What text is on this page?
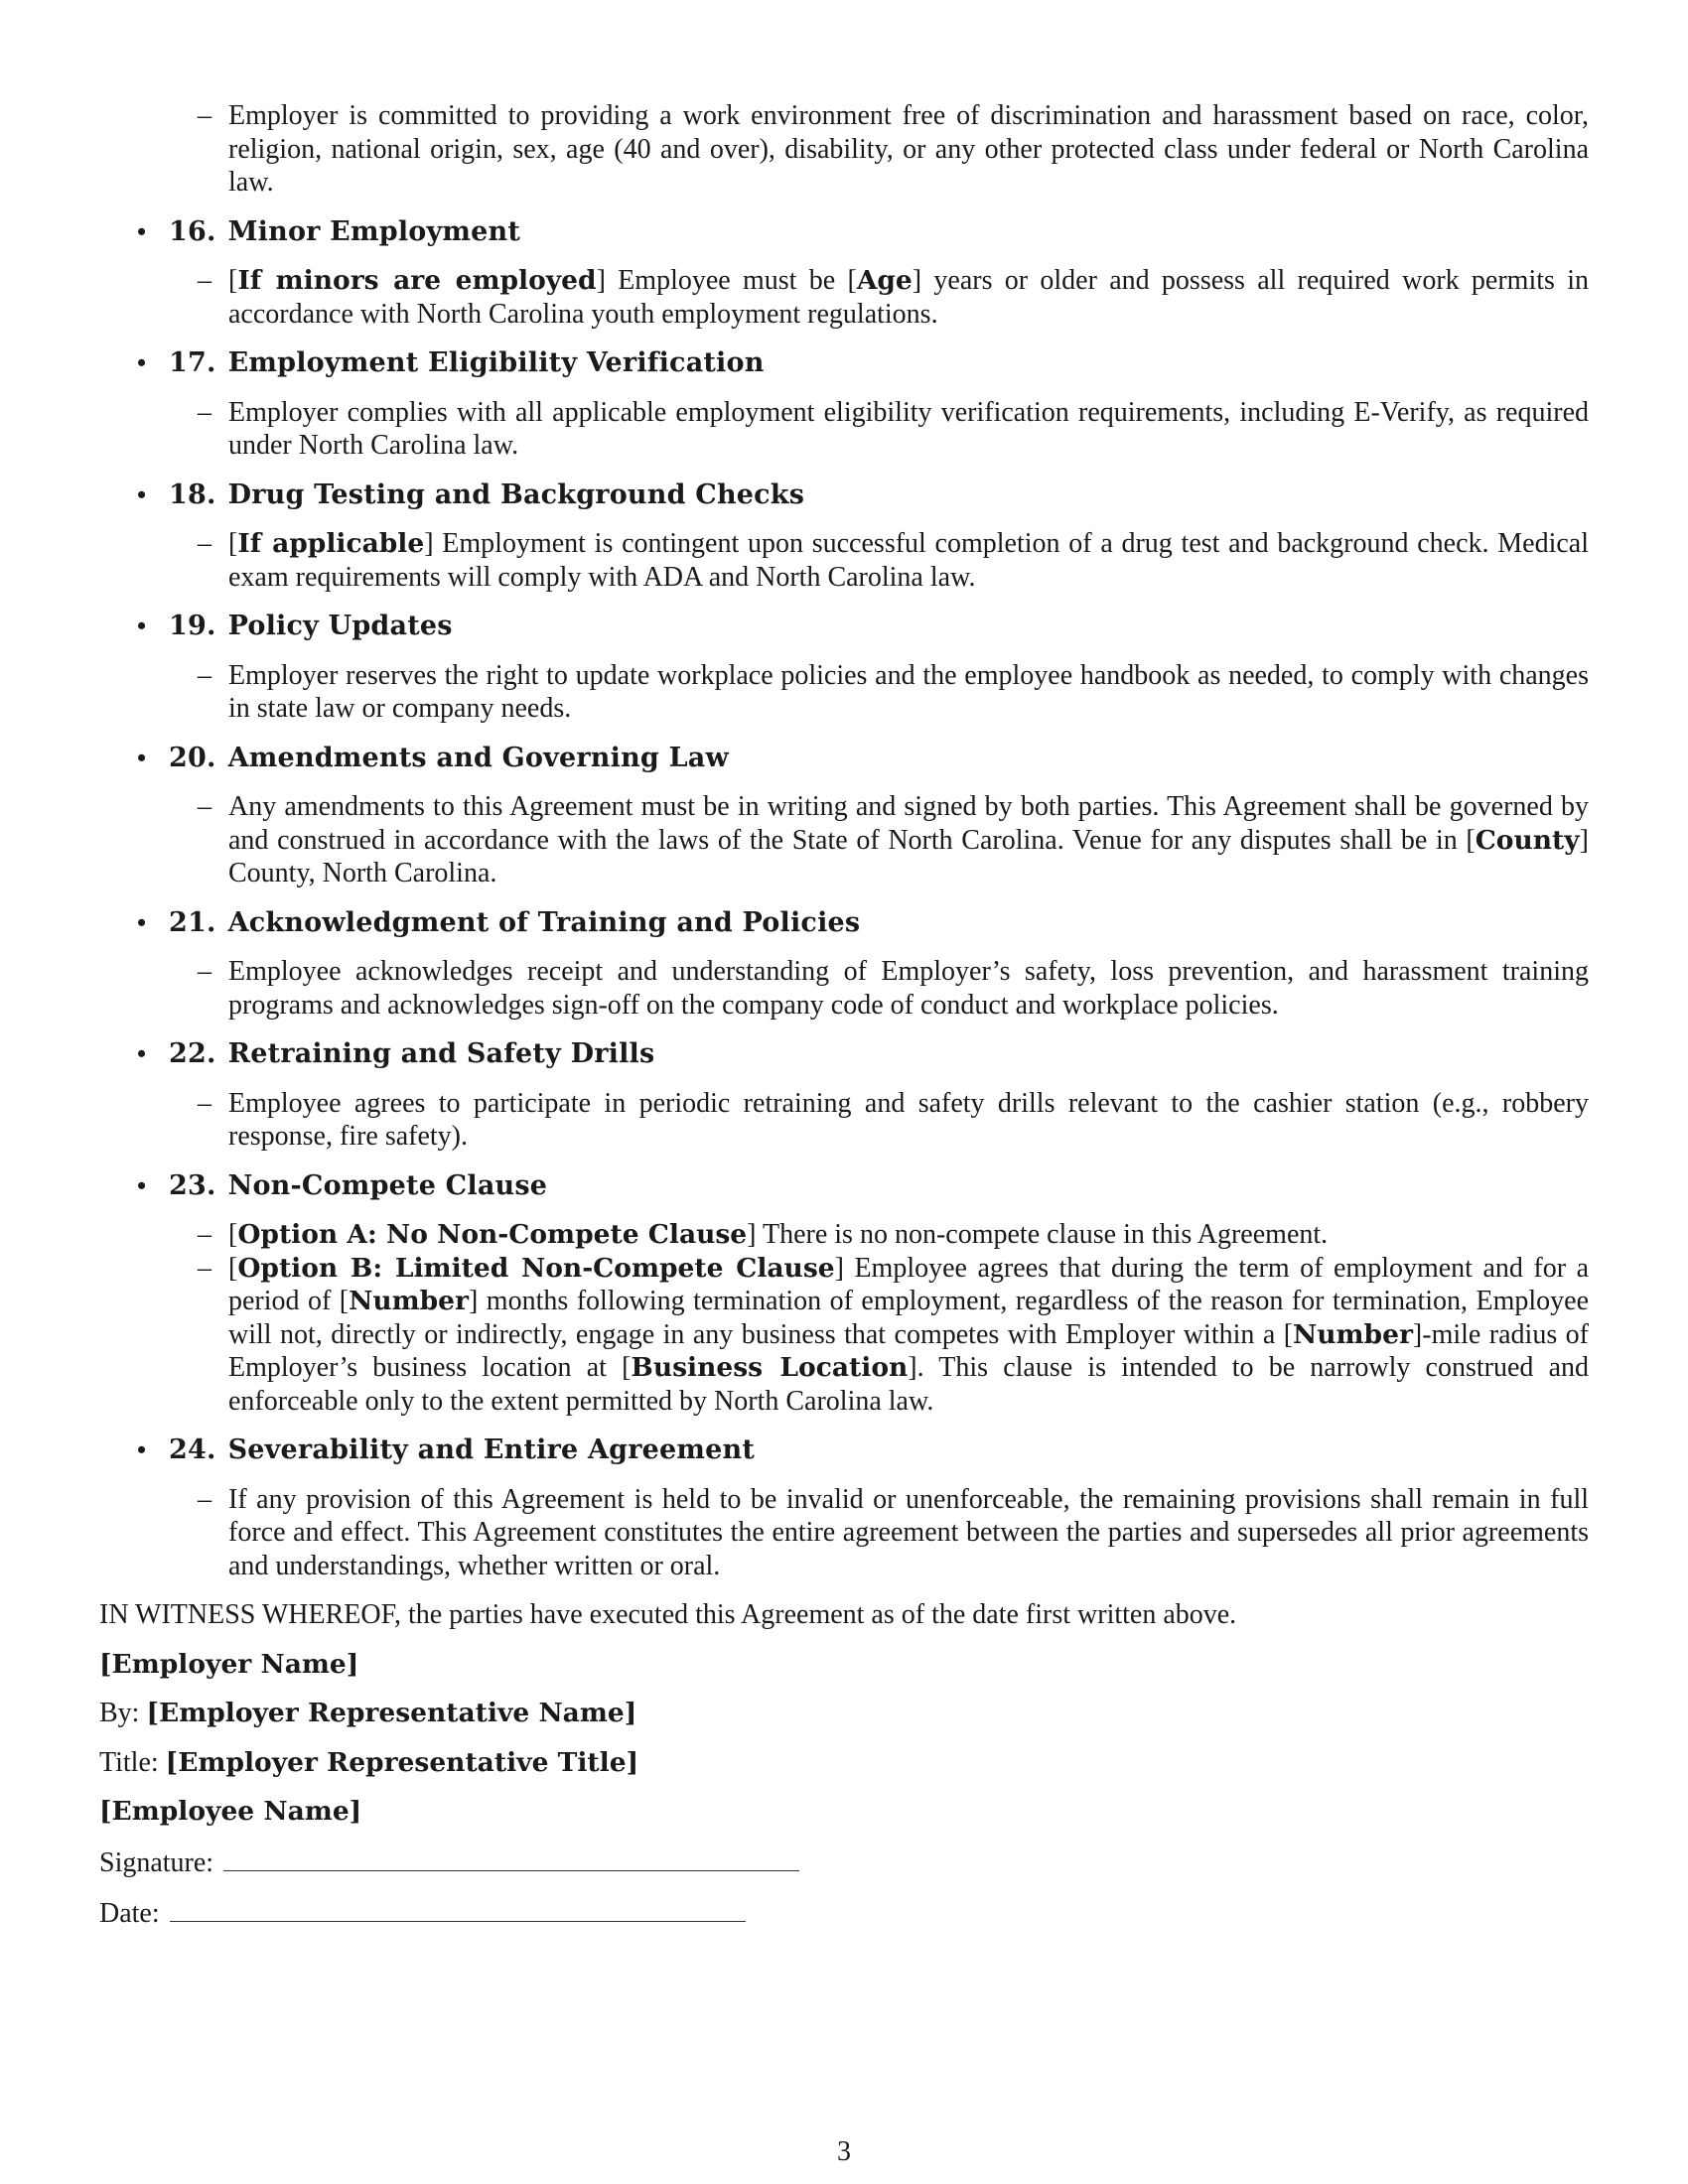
– Employer is committed to providing a work environment free of discrimination and harassment based on race, color, religion, national origin, sex, age (40 and over), disability, or any other protected class under federal or North Carolina law.
• 16. Minor Employment
– [If minors are employed] Employee must be [Age] years or older and possess all required work permits in accordance with North Carolina youth employment regulations.
• 17. Employment Eligibility Verification
– Employer complies with all applicable employment eligibility verification requirements, including E-Verify, as required under North Carolina law.
• 18. Drug Testing and Background Checks
– [If applicable] Employment is contingent upon successful completion of a drug test and background check. Medical exam requirements will comply with ADA and North Carolina law.
• 19. Policy Updates
– Employer reserves the right to update workplace policies and the employee handbook as needed, to comply with changes in state law or company needs.
• 20. Amendments and Governing Law
– Any amendments to this Agreement must be in writing and signed by both parties. This Agreement shall be governed by and construed in accordance with the laws of the State of North Carolina. Venue for any disputes shall be in [County] County, North Carolina.
• 21. Acknowledgment of Training and Policies
– Employee acknowledges receipt and understanding of Employer’s safety, loss prevention, and harassment training programs and acknowledges sign-off on the company code of conduct and workplace policies.
• 22. Retraining and Safety Drills
– Employee agrees to participate in periodic retraining and safety drills relevant to the cashier station (e.g., robbery response, fire safety).
• 23. Non-Compete Clause
– [Option A: No Non-Compete Clause] There is no non-compete clause in this Agreement.
– [Option B: Limited Non-Compete Clause] Employee agrees that during the term of employment and for a period of [Number] months following termination of employment, regardless of the reason for termination, Employee will not, directly or indirectly, engage in any business that competes with Employer within a [Number]-mile radius of Employer’s business location at [Business Location]. This clause is intended to be narrowly construed and enforceable only to the extent permitted by North Carolina law.
• 24. Severability and Entire Agreement
– If any provision of this Agreement is held to be invalid or unenforceable, the remaining provisions shall remain in full force and effect. This Agreement constitutes the entire agreement between the parties and supersedes all prior agreements and understandings, whether written or oral.

IN WITNESS WHEREOF, the parties have executed this Agreement as of the date first written above.

[Employer Name]

By: [Employer Representative Name]

Title: [Employer Representative Title]

[Employee Name]

Signature:

Date:

3
